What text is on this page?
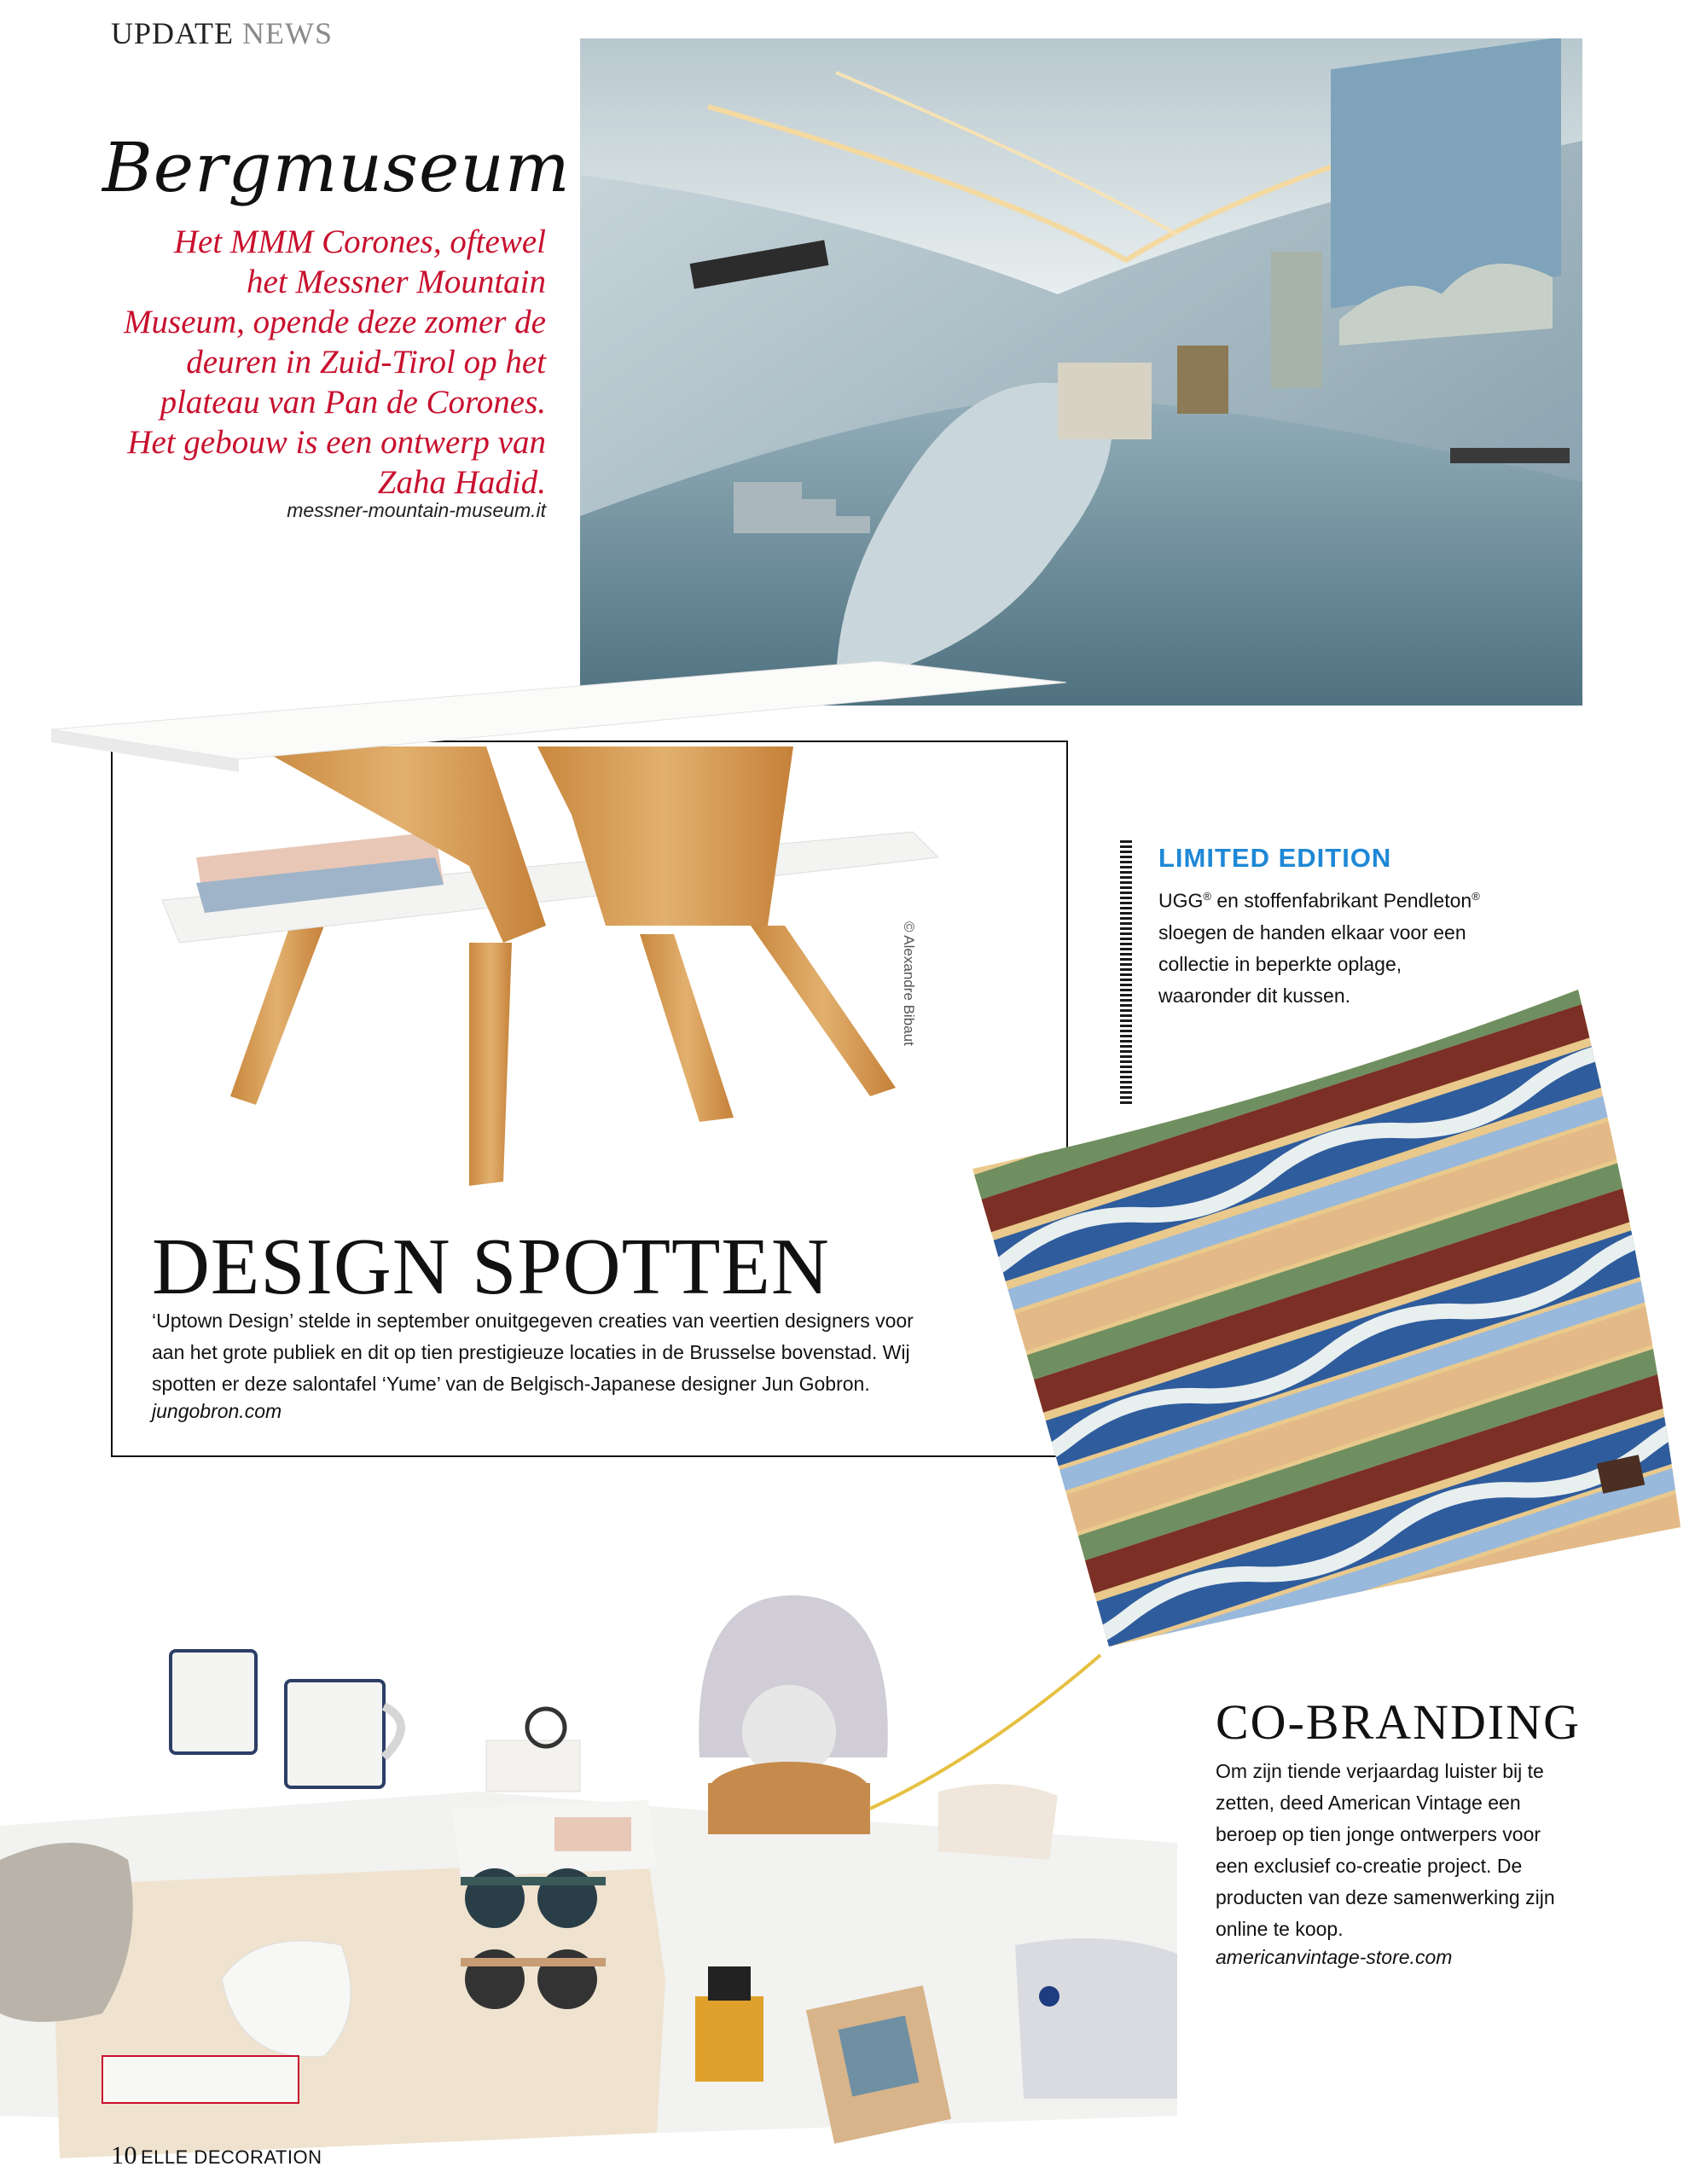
UPDATE NEWS
Bergmuseum
Het MMM Corones, oftewel
het Messner Mountain
Museum, opende deze zomer de
deuren in Zuid-Tirol op het
plateau van Pan de Corones.
Het gebouw is een ontwerp van
Zaha Hadid.
messner-mountain-museum.it
© Alexandre Bibaut
DESIGN SPOTTEN
‘Uptown Design’ stelde in september onuitgegeven creaties van veertien designers voor
aan het grote publiek en dit op tien prestigieuze locaties in de Brusselse bovenstad. Wij
spotten er deze salontafel ‘Yume’ van de Belgisch-Japanese designer Jun Gobron.
jungobron.com
LIMITED EDITION
UGG® en stoffenfabrikant Pendleton®
sloegen de handen elkaar voor een
collectie in beperkte oplage,
waaronder dit kussen.
CO-BRANDING
Om zijn tiende verjaardag luister bij te
zetten, deed American Vintage een
beroep op tien jonge ontwerpers voor
een exclusief co-creatie project. De
producten van deze samenwerking zijn
online te koop.
americanvintage-store.com
10 ELLE DECORATION
